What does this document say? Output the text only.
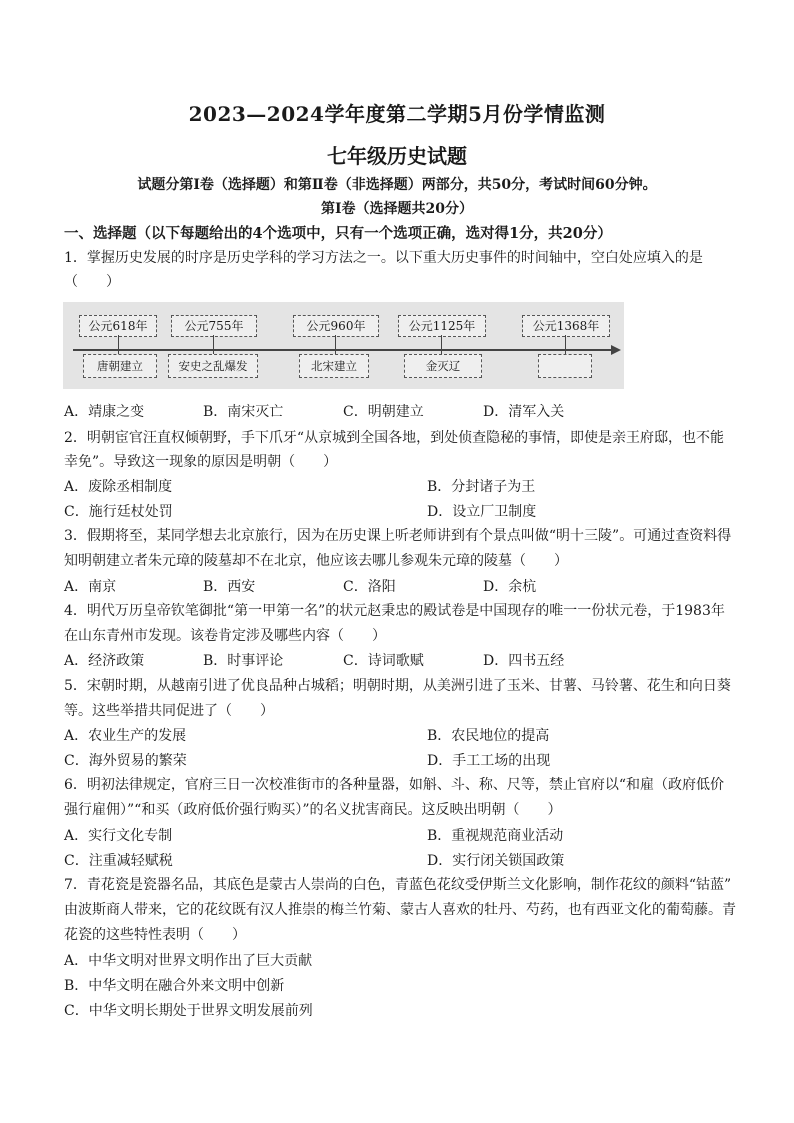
2023—2024学年度第二学期5月份学情监测
七年级历史试题
试题分第Ⅰ卷（选择题）和第Ⅱ卷（非选择题）两部分，共50分，考试时间60分钟。
第Ⅰ卷（选择题共20分）
一、选择题（以下每题给出的4个选项中，只有一个选项正确，选对得1分，共20分）
1．掌握历史发展的时序是历史学科的学习方法之一。以下重大历史事件的时间轴中，空白处应填入的是
（　　）
公元618年	公元755年	公元960年	公元1125年	公元1368年
唐朝建立	安史之乱爆发	北宋建立	金灭辽
A．靖康之变	B．南宋灭亡	C．明朝建立	D．清军入关
2．明朝宦官汪直权倾朝野，手下爪牙“从京城到全国各地，到处侦查隐秘的事情，即使是亲王府邸，也不能
幸免”。导致这一现象的原因是明朝（　　）
A．废除丞相制度	B．分封诸子为王
C．施行廷杖处罚	D．设立厂卫制度
3．假期将至，某同学想去北京旅行，因为在历史课上听老师讲到有个景点叫做“明十三陵”。可通过查资料得
知明朝建立者朱元璋的陵墓却不在北京，他应该去哪儿参观朱元璋的陵墓（　　）
A．南京	B．西安	C．洛阳	D．余杭
4．明代万历皇帝钦笔御批“第一甲第一名”的状元赵秉忠的殿试卷是中国现存的唯一一份状元卷，于1983年
在山东青州市发现。该卷肯定涉及哪些内容（　　）
A．经济政策	B．时事评论	C．诗词歌赋	D．四书五经
5．宋朝时期，从越南引进了优良品种占城稻；明朝时期，从美洲引进了玉米、甘薯、马铃薯、花生和向日葵
等。这些举措共同促进了（　　）
A．农业生产的发展	B．农民地位的提高
C．海外贸易的繁荣	D．手工工场的出现
6．明初法律规定，官府三日一次校准街市的各种量器，如斛、斗、称、尺等，禁止官府以“和雇（政府低价
强行雇佣）”“和买（政府低价强行购买）”的名义扰害商民。这反映出明朝（　　）
A．实行文化专制	B．重视规范商业活动
C．注重减轻赋税	D．实行闭关锁国政策
7．青花瓷是瓷器名品，其底色是蒙古人崇尚的白色，青蓝色花纹受伊斯兰文化影响，制作花纹的颜料“钴蓝”
由波斯商人带来，它的花纹既有汉人推崇的梅兰竹菊、蒙古人喜欢的牡丹、芍药，也有西亚文化的葡萄藤。青
花瓷的这些特性表明（　　）
A．中华文明对世界文明作出了巨大贡献
B．中华文明在融合外来文明中创新
C．中华文明长期处于世界文明发展前列
